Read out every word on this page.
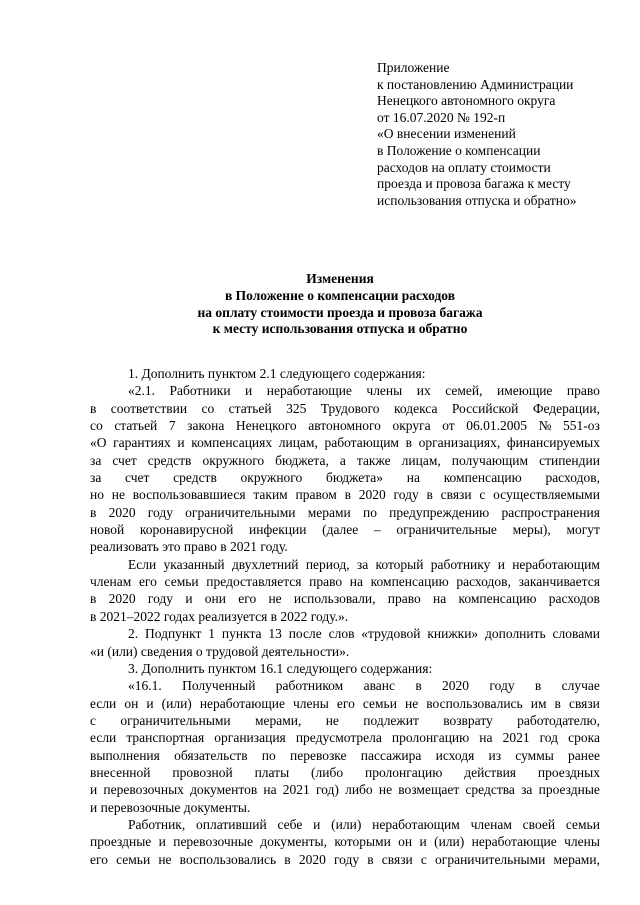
Приложение
к постановлению Администрации
Ненецкого автономного округа
от 16.07.2020 № 192-п
«О внесении изменений
в Положение о компенсации
расходов на оплату стоимости
проезда и провоза багажа к месту
использования отпуска и обратно»
Изменения
в Положение о компенсации расходов
на оплату стоимости проезда и провоза багажа
к месту использования отпуска и обратно
1. Дополнить пунктом 2.1 следующего содержания:
«2.1. Работники и неработающие члены их семей, имеющие право
в соответствии со статьей 325 Трудового кодекса Российской Федерации,
со статьей 7 закона Ненецкого автономного округа от 06.01.2005 № 551-оз
«О гарантиях и компенсациях лицам, работающим в организациях, финансируемых
за счет средств окружного бюджета, а также лицам, получающим стипендии
за счет средств окружного бюджета» на компенсацию расходов,
но не воспользовавшиеся таким правом в 2020 году в связи с осуществляемыми
в 2020 году ограничительными мерами по предупреждению распространения
новой коронавирусной инфекции (далее – ограничительные меры), могут
реализовать это право в 2021 году.
Если указанный двухлетний период, за который работнику и неработающим
членам его семьи предоставляется право на компенсацию расходов, заканчивается
в 2020 году и они его не использовали, право на компенсацию расходов
в 2021–2022 годах реализуется в 2022 году.».
2. Подпункт 1 пункта 13 после слов «трудовой книжки» дополнить словами
«и (или) сведения о трудовой деятельности».
3. Дополнить пунктом 16.1 следующего содержания:
«16.1. Полученный работником аванс в 2020 году в случае
если он и (или) неработающие члены его семьи не воспользовались им в связи
с ограничительными мерами, не подлежит возврату работодателю,
если транспортная организация предусмотрела пролонгацию на 2021 год срока
выполнения обязательств по перевозке пассажира исходя из суммы ранее
внесенной провозной платы (либо пролонгацию действия проездных
и перевозочных документов на 2021 год) либо не возмещает средства за проездные
и перевозочные документы.
Работник, оплативший себе и (или) неработающим членам своей семьи
проездные и перевозочные документы, которыми он и (или) неработающие члены
его семьи не воспользовались в 2020 году в связи с ограничительными мерами,
